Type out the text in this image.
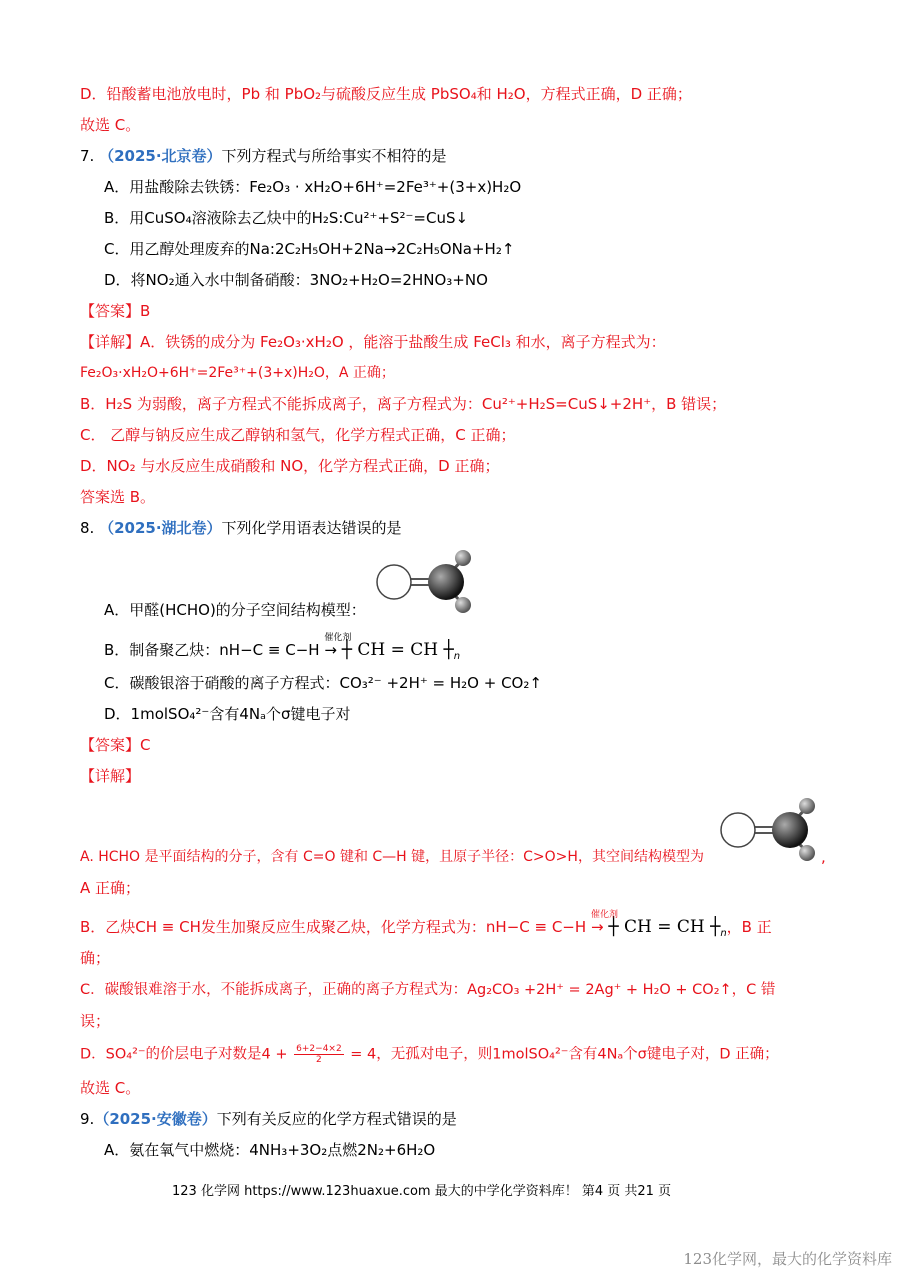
D．铅酸蓄电池放电时，Pb 和 PbO₂与硫酸反应生成 PbSO₄和 H₂O，方程式正确，D 正确；
故选 C。
7. （2025·北京卷）下列方程式与所给事实不相符的是
A．用盐酸除去铁锈：Fe₂O₃ · xH₂O+6H⁺=2Fe³⁺+(3+x)H₂O
B．用CuSO₄溶液除去乙炔中的H₂S:Cu²⁺+S²⁻=CuS↓
C．用乙醇处理废弃的Na:2C₂H₅OH+2Na→2C₂H₅ONa+H₂↑
D．将NO₂通入水中制备硝酸：3NO₂+H₂O=2HNO₃+NO
【答案】B
【详解】A．铁锈的成分为 Fe₂O₃·xH₂O ，能溶于盐酸生成 FeCl₃ 和水，离子方程式为：
Fe₂O₃·xH₂O+6H⁺=2Fe³⁺+(3+x)H₂O，A 正确；
B．H₂S 为弱酸，离子方程式不能拆成离子，离子方程式为：Cu²⁺+H₂S=CuS↓+2H⁺，B 错误；
C． 乙醇与钠反应生成乙醇钠和氢气，化学方程式正确，C 正确；
D．NO₂ 与水反应生成硝酸和 NO，化学方程式正确，D 正确；
答案选 B。
8. （2025·湖北卷）下列化学用语表达错误的是
A．甲醛(HCHO)的分子空间结构模型：
B．制备聚乙炔：nH−C ≡ C−H
催化剂
→ ┼ CH = CH $┼_n$
C．碳酸银溶于硝酸的离子方程式：CO₃²⁻ +2H⁺ = H₂O + CO₂↑
D．1molSO₄²⁻含有4Nₐ个σ键电子对
【答案】C
【详解】
A. HCHO 是平面结构的分子，含有 C=O 键和 C—H 键，且原子半径：C>O>H，其空间结构模型为	,
A 正确；
B．乙炔CH ≡ CH发生加聚反应生成聚乙炔，化学方程式为：nH−C ≡ C−H
催化剂
→ ┼ CH = CH $┼_n$，B 正
确；
C．碳酸银难溶于水，不能拆成离子，正确的离子方程式为：Ag₂CO₃ +2H⁺ = 2Ag⁺ + H₂O + CO₂↑，C 错
误；
D．SO₄²⁻的价层电子对数是$4 + \frac{6+2-4\times 2}{2} = 4$，无孤对电子，则1molSO₄²⁻含有4Nₐ个σ键电子对，D 正确；
故选 C。
9.（2025·安徽卷）下列有关反应的化学方程式错误的是
A．氨在氧气中燃烧：4NH₃+3O₂点燃2N₂+6H₂O
123 化学网 https://www.123huaxue.com 最大的中学化学资料库！ 第4 页 共21 页
123化学网，最大的化学资料库
